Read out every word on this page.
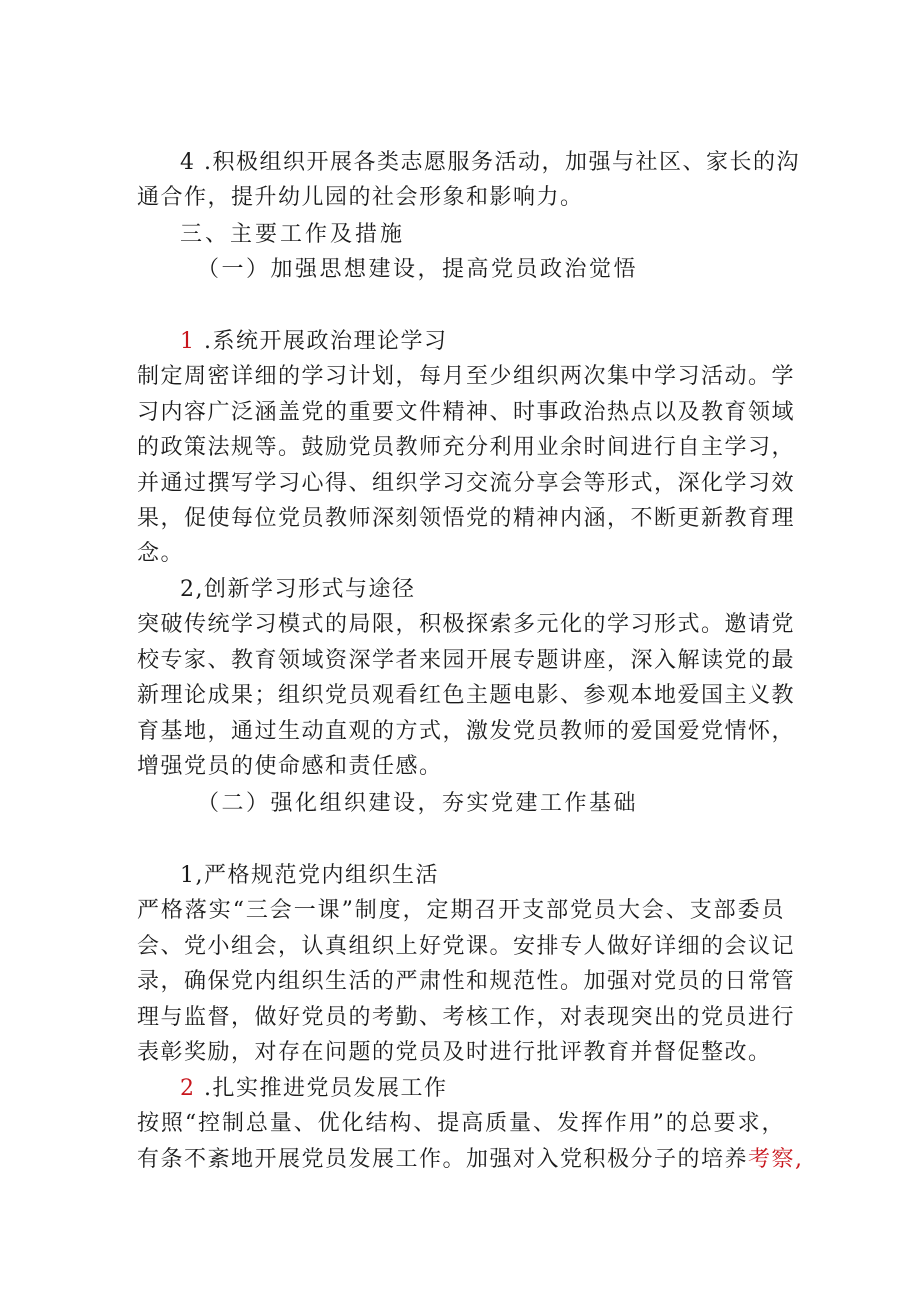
4 .积极组织开展各类志愿服务活动，加强与社区、家长的沟
通合作，提升幼儿园的社会形象和影响力。
三、主要工作及措施
（一）加强思想建设，提高党员政治觉悟
1 .系统开展政治理论学习
制定周密详细的学习计划，每月至少组织两次集中学习活动。学
习内容广泛涵盖党的重要文件精神、时事政治热点以及教育领域
的政策法规等。鼓励党员教师充分利用业余时间进行自主学习，
并通过撰写学习心得、组织学习交流分享会等形式，深化学习效
果，促使每位党员教师深刻领悟党的精神内涵，不断更新教育理
念。
2,创新学习形式与途径
突破传统学习模式的局限，积极探索多元化的学习形式。邀请党
校专家、教育领域资深学者来园开展专题讲座，深入解读党的最
新理论成果；组织党员观看红色主题电影、参观本地爱国主义教
育基地，通过生动直观的方式，激发党员教师的爱国爱党情怀，
增强党员的使命感和责任感。
（二）强化组织建设，夯实党建工作基础
1,严格规范党内组织生活
严格落实“三会一课”制度，定期召开支部党员大会、支部委员
会、党小组会，认真组织上好党课。安排专人做好详细的会议记
录，确保党内组织生活的严肃性和规范性。加强对党员的日常管
理与监督，做好党员的考勤、考核工作，对表现突出的党员进行
表彰奖励，对存在问题的党员及时进行批评教育并督促整改。
2 .扎实推进党员发展工作
按照“控制总量、优化结构、提高质量、发挥作用”的总要求，
有条不紊地开展党员发展工作。加强对入党积极分子的培养考察,
